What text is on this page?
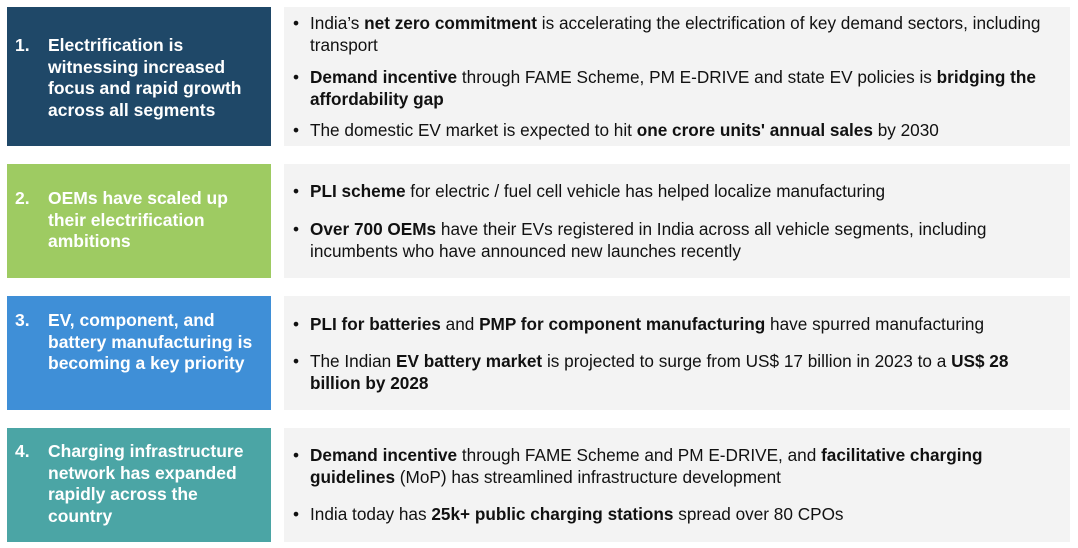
1. Electrification is witnessing increased focus and rapid growth across all segments
• India’s net zero commitment is accelerating the electrification of key demand sectors, including transport
• Demand incentive through FAME Scheme, PM E-DRIVE and state EV policies is bridging the affordability gap
• The domestic EV market is expected to hit one crore units' annual sales by 2030
2. OEMs have scaled up their electrification ambitions
• PLI scheme for electric / fuel cell vehicle has helped localize manufacturing
• Over 700 OEMs have their EVs registered in India across all vehicle segments, including incumbents who have announced new launches recently
3. EV, component, and battery manufacturing is becoming a key priority
• PLI for batteries and PMP for component manufacturing have spurred manufacturing
• The Indian EV battery market is projected to surge from US$ 17 billion in 2023 to a US$ 28 billion by 2028
4. Charging infrastructure network has expanded rapidly across the country
• Demand incentive through FAME Scheme and PM E-DRIVE, and facilitative charging guidelines (MoP) has streamlined infrastructure development
• India today has 25k+ public charging stations spread over 80 CPOs
